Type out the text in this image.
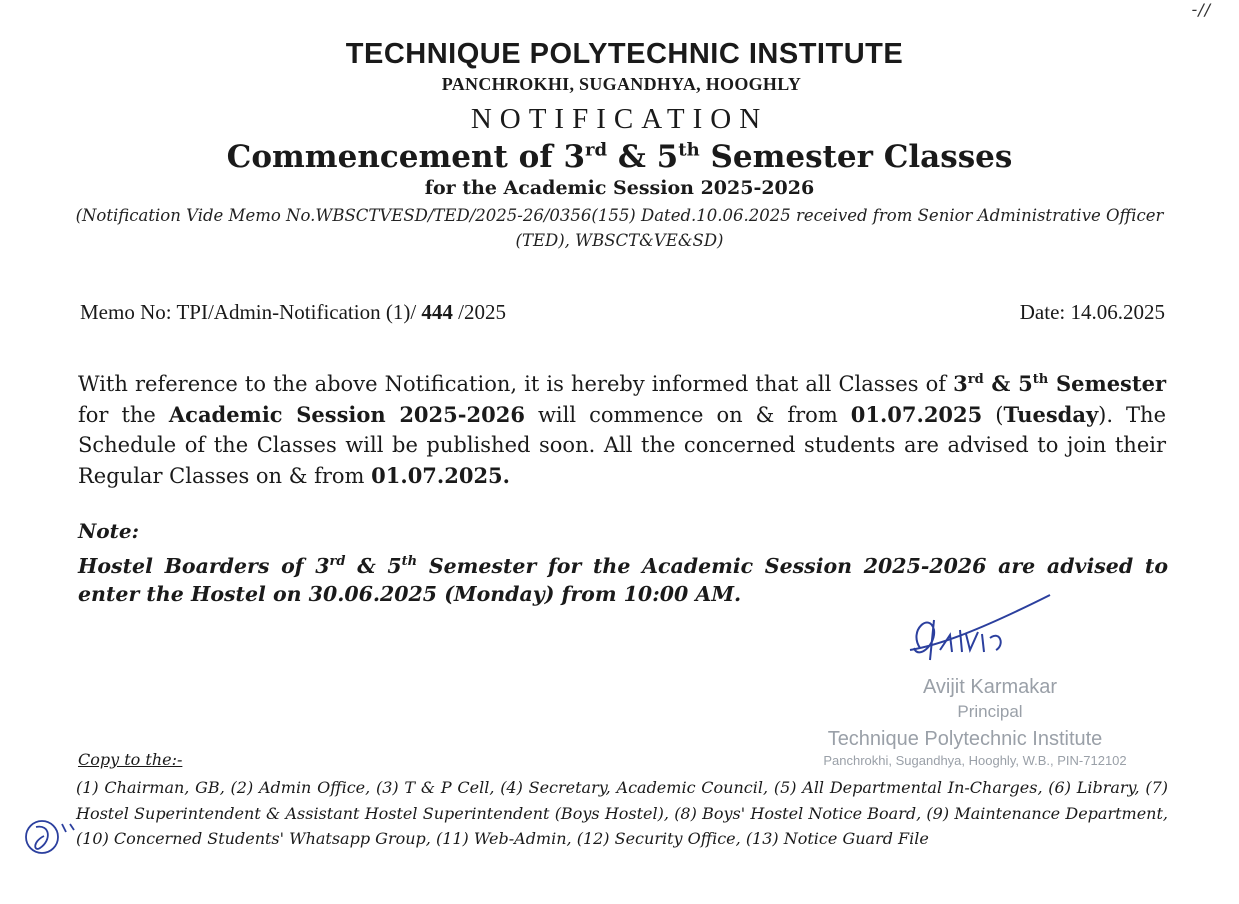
-//
TECHNIQUE POLYTECHNIC INSTITUTE
PANCHROKHI, SUGANDHYA, HOOGHLY
NOTIFICATION
Commencement of 3rd & 5th Semester Classes
for the Academic Session 2025-2026
(Notification Vide Memo No.WBSCTVESD/TED/2025-26/0356(155) Dated.10.06.2025 received from Senior Administrative Officer (TED), WBSCT&VE&SD)
Memo No: TPI/Admin-Notification (1)/ 444 /2025	Date: 14.06.2025
With reference to the above Notification, it is hereby informed that all Classes of 3rd & 5th Semester for the Academic Session 2025-2026 will commence on & from 01.07.2025 (Tuesday). The Schedule of the Classes will be published soon. All the concerned students are advised to join their Regular Classes on & from 01.07.2025.
Note:
Hostel Boarders of 3rd & 5th Semester for the Academic Session 2025-2026 are advised to enter the Hostel on 30.06.2025 (Monday) from 10:00 AM.
Avijit Karmakar
Principal
Technique Polytechnic Institute
Panchrokhi, Sugandhya, Hooghly, W.B., PIN-712102
Copy to the:-
(1) Chairman, GB, (2) Admin Office, (3) T & P Cell, (4) Secretary, Academic Council, (5) All Departmental In-Charges, (6) Library, (7) Hostel Superintendent & Assistant Hostel Superintendent (Boys Hostel), (8) Boys' Hostel Notice Board, (9) Maintenance Department, (10) Concerned Students' Whatsapp Group, (11) Web-Admin, (12) Security Office, (13) Notice Guard File
